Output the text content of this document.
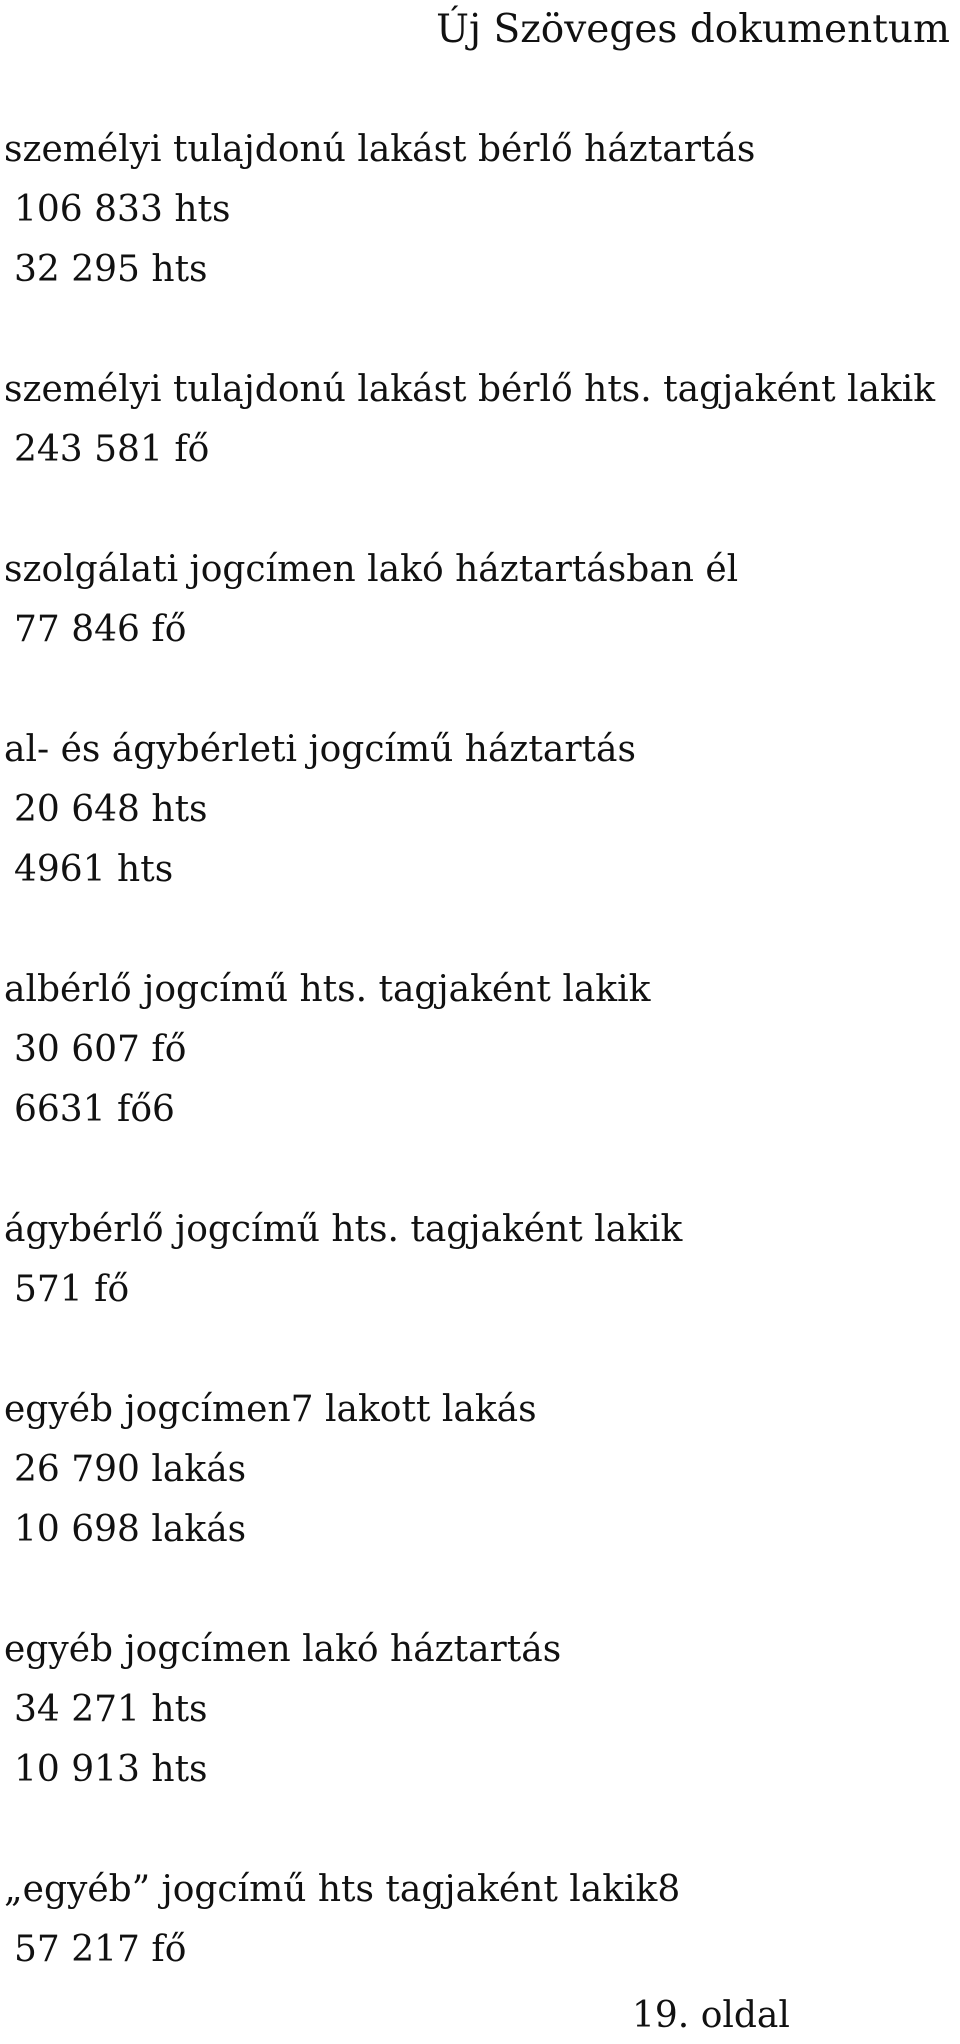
Új Szöveges dokumentum
személyi tulajdonú lakást bérlő háztartás
106 833 hts
32 295 hts
személyi tulajdonú lakást bérlő hts. tagjaként lakik
243 581 fő
szolgálati jogcímen lakó háztartásban él
77 846 fő
al- és ágybérleti jogcímű háztartás
20 648 hts
4961 hts
albérlő jogcímű hts. tagjaként lakik
30 607 fő
6631 fő6
ágybérlő jogcímű hts. tagjaként lakik
571 fő
egyéb jogcímen7 lakott lakás
26 790 lakás
10 698 lakás
egyéb jogcímen lakó háztartás
34 271 hts
10 913 hts
„egyéb” jogcímű hts tagjaként lakik8
57 217 fő
19. oldal
